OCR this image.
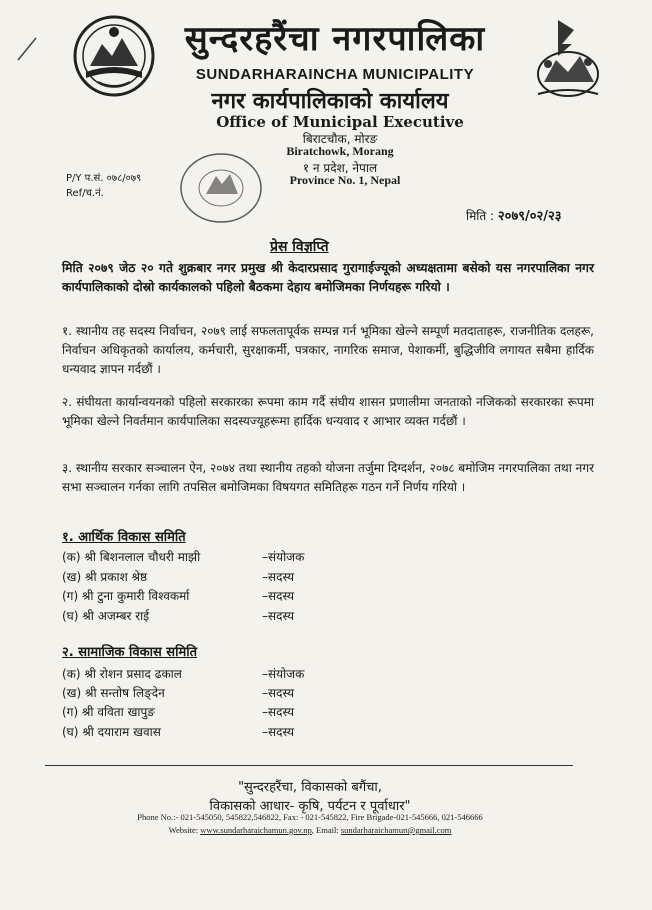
सुन्दरहरैंचा नगरपालिका
SUNDARHARAINCHA MUNICIPALITY
नगर कार्यपालिकाको कार्यालय
Office of Municipal Executive
बिराटचौक, मोरङ
Biratchowk, Morang
१ न प्रदेश, नेपाल
Province No. 1, Nepal
P/Y प.सं. ०७८/०७९
Ref/च.नं.
मिति : २०७९/०२/२३
प्रेस विज्ञप्ति
मिति २०७९ जेठ २० गते शुक्रबार नगर प्रमुख श्री केदारप्रसाद गुरागाईज्यूको अध्यक्षतामा बसेको यस नगरपालिका नगर कार्यपालिकाको दोस्रो कार्यकालको पहिलो बैठकमा देहाय बमोजिमका निर्णयहरू गरियो ।
१. स्थानीय तह सदस्य निर्वाचन, २०७९ लाई सफलतापूर्वक सम्पन्न गर्न भूमिका खेल्ने सम्पूर्ण मतदाताहरू, राजनीतिक दलहरू, निर्वाचन अधिकृतको कार्यालय, कर्मचारी, सुरक्षाकर्मी, पत्रकार, नागरिक समाज, पेशाकर्मी, बुद्धिजीवि लगायत सबैमा हार्दिक धन्यवाद ज्ञापन गर्दछौं ।
२. संघीयता कार्यान्वयनको पहिलो सरकारका रूपमा काम गर्दै संघीय शासन प्रणालीमा जनताको नजिकको सरकारका रूपमा भूमिका खेल्ने निवर्तमान कार्यपालिका सदस्यज्यूहरूमा हार्दिक धन्यवाद र आभार व्यक्त गर्दछौं ।
३. स्थानीय सरकार सञ्चालन ऐन, २०७४ तथा स्थानीय तहको योजना तर्जुमा दिग्दर्शन, २०७८ बमोजिम नगरपालिका तथा नगर सभा सञ्चालन गर्नका लागि तपसिल बमोजिमका विषयगत समितिहरू गठन गर्ने निर्णय गरियो ।
१. आर्थिक विकास समिति
(क) श्री बिशनलाल चौधरी माझी	–संयोजक
(ख) श्री प्रकाश श्रेष्ठ	–सदस्य
(ग) श्री टुना कुमारी विश्वकर्मा	–सदस्य
(घ) श्री अजम्बर राई	–सदस्य
२. सामाजिक विकास समिति
(क) श्री रोशन प्रसाद ढकाल	–संयोजक
(ख) श्री सन्तोष लिङ्देन	–सदस्य
(ग) श्री वविता खापुङ	–सदस्य
(घ) श्री दयाराम खवास	–सदस्य
"सुन्दरहरैंचा, विकासको बगैंचा,
विकासको आधार- कृषि, पर्यटन र पूर्वाधार"
Phone No.:- 021-545050, 545822,546822, Fax: - 021-545822, Fire Brigade-021-545666, 021-546666
Website: www.sundarharaichamun.gov.np, Email: sundarharaichamun@gmail.com
